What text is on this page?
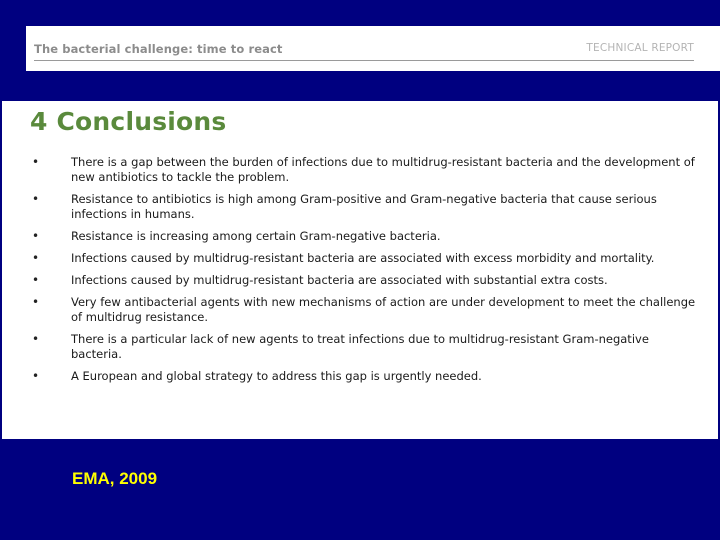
The bacterial challenge: time to react	TECHNICAL REPORT
4 Conclusions
•	There is a gap between the burden of infections due to multidrug-resistant bacteria and the development of new antibiotics to tackle the problem.
•	Resistance to antibiotics is high among Gram-positive and Gram-negative bacteria that cause serious infections in humans.
•	Resistance is increasing among certain Gram-negative bacteria.
•	Infections caused by multidrug-resistant bacteria are associated with excess morbidity and mortality.
•	Infections caused by multidrug-resistant bacteria are associated with substantial extra costs.
•	Very few antibacterial agents with new mechanisms of action are under development to meet the challenge of multidrug resistance.
•	There is a particular lack of new agents to treat infections due to multidrug-resistant Gram-negative bacteria.
•	A European and global strategy to address this gap is urgently needed.
EMA, 2009
